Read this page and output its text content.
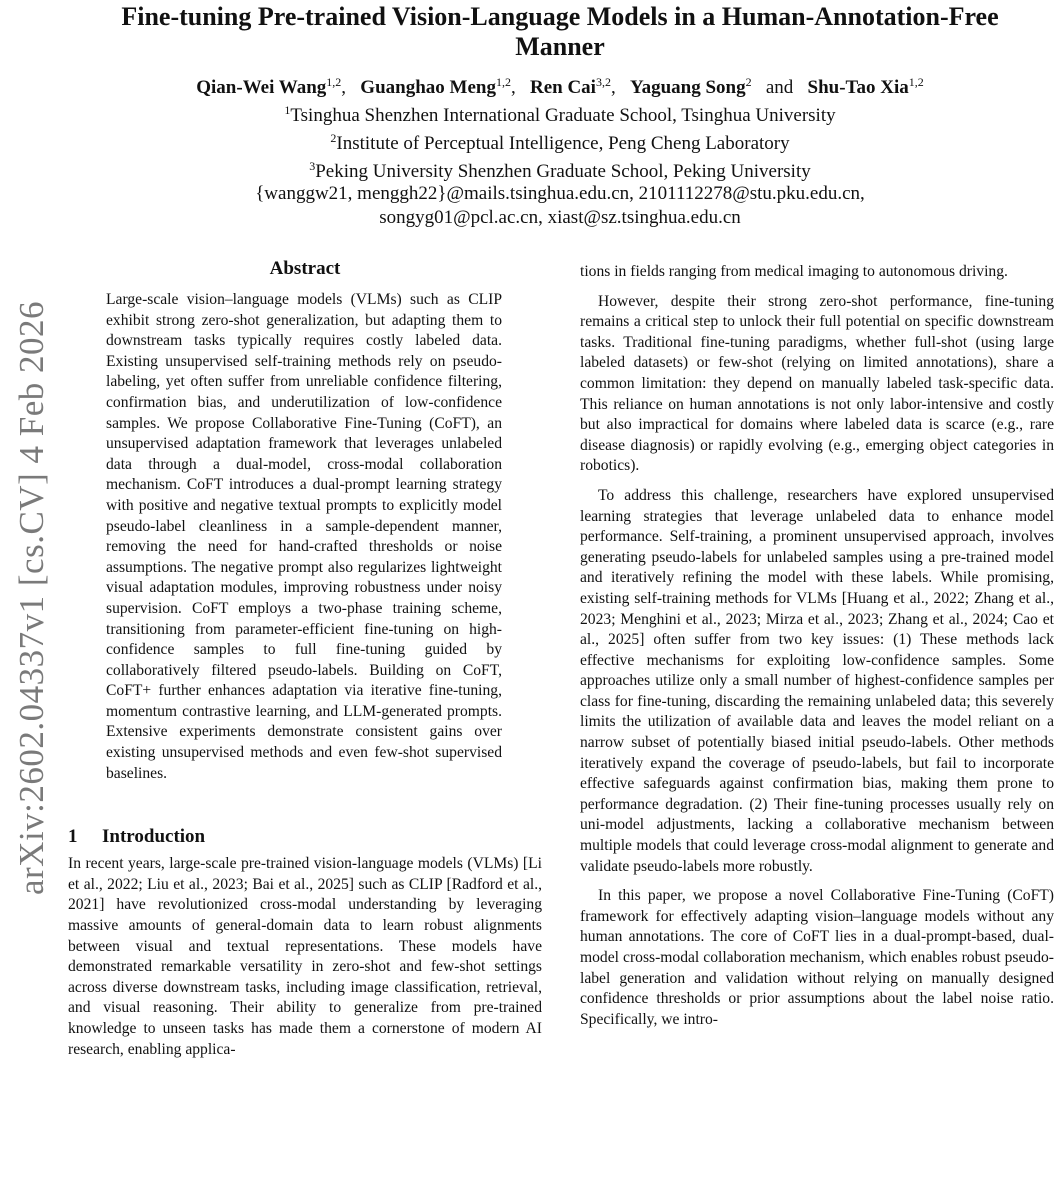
arXiv:2602.04337v1 [cs.CV] 4 Feb 2026
Fine-tuning Pre-trained Vision-Language Models in a Human-Annotation-Free
Manner
Qian-Wei Wang$^{1,2}$, Guanghao Meng$^{1,2}$, Ren Cai$^{3,2}$, Yaguang Song$^2$ and Shu-Tao Xia$^{1,2}$
$^1$Tsinghua Shenzhen International Graduate School, Tsinghua University
$^2$Institute of Perceptual Intelligence, Peng Cheng Laboratory
$^3$Peking University Shenzhen Graduate School, Peking University
{wanggw21, menggh22}@mails.tsinghua.edu.cn, 2101112278@stu.pku.edu.cn,
songyg01@pcl.ac.cn, xiast@sz.tsinghua.edu.cn
Abstract

Large-scale vision–language models (VLMs) such as CLIP exhibit strong zero-shot generalization, but adapting them to downstream tasks typically requires costly labeled data. Existing unsupervised self-training methods rely on pseudo-labeling, yet often suffer from unreliable confidence filtering, confirmation bias, and underutilization of low-confidence samples. We propose Collaborative Fine-Tuning (CoFT), an unsupervised adaptation framework that leverages unlabeled data through a dual-model, cross-modal collaboration mechanism. CoFT introduces a dual-prompt learning strategy with positive and negative textual prompts to explicitly model pseudo-label cleanliness in a sample-dependent manner, removing the need for hand-crafted thresholds or noise assumptions. The negative prompt also regularizes lightweight visual adaptation modules, improving robustness under noisy supervision. CoFT employs a two-phase training scheme, transitioning from parameter-efficient fine-tuning on high-confidence samples to full fine-tuning guided by collaboratively filtered pseudo-labels. Building on CoFT, CoFT+ further enhances adaptation via iterative fine-tuning, momentum contrastive learning, and LLM-generated prompts. Extensive experiments demonstrate consistent gains over existing unsupervised methods and even few-shot supervised baselines.

1 Introduction

In recent years, large-scale pre-trained vision-language models (VLMs) [Li et al., 2022; Liu et al., 2023; Bai et al., 2025] such as CLIP [Radford et al., 2021] have revolutionized cross-modal understanding by leveraging massive amounts of general-domain data to learn robust alignments between visual and textual representations. These models have demonstrated remarkable versatility in zero-shot and few-shot settings across diverse downstream tasks, including image classification, retrieval, and visual reasoning. Their ability to generalize from pre-trained knowledge to unseen tasks has made them a cornerstone of modern AI research, enabling applica-

tions in fields ranging from medical imaging to autonomous driving.

However, despite their strong zero-shot performance, fine-tuning remains a critical step to unlock their full potential on specific downstream tasks. Traditional fine-tuning paradigms, whether full-shot (using large labeled datasets) or few-shot (relying on limited annotations), share a common limitation: they depend on manually labeled task-specific data. This reliance on human annotations is not only labor-intensive and costly but also impractical for domains where labeled data is scarce (e.g., rare disease diagnosis) or rapidly evolving (e.g., emerging object categories in robotics).

To address this challenge, researchers have explored unsupervised learning strategies that leverage unlabeled data to enhance model performance. Self-training, a prominent unsupervised approach, involves generating pseudo-labels for unlabeled samples using a pre-trained model and iteratively refining the model with these labels. While promising, existing self-training methods for VLMs [Huang et al., 2022; Zhang et al., 2023; Menghini et al., 2023; Mirza et al., 2023; Zhang et al., 2024; Cao et al., 2025] often suffer from two key issues: (1) These methods lack effective mechanisms for exploiting low-confidence samples. Some approaches utilize only a small number of highest-confidence samples per class for fine-tuning, discarding the remaining unlabeled data; this severely limits the utilization of available data and leaves the model reliant on a narrow subset of potentially biased initial pseudo-labels. Other methods iteratively expand the coverage of pseudo-labels, but fail to incorporate effective safeguards against confirmation bias, making them prone to performance degradation. (2) Their fine-tuning processes usually rely on uni-model adjustments, lacking a collaborative mechanism between multiple models that could leverage cross-modal alignment to generate and validate pseudo-labels more robustly.

In this paper, we propose a novel Collaborative Fine-Tuning (CoFT) framework for effectively adapting vision–language models without any human annotations. The core of CoFT lies in a dual-prompt-based, dual-model cross-modal collaboration mechanism, which enables robust pseudo-label generation and validation without relying on manually designed confidence thresholds or prior assumptions about the label noise ratio. Specifically, we intro-
